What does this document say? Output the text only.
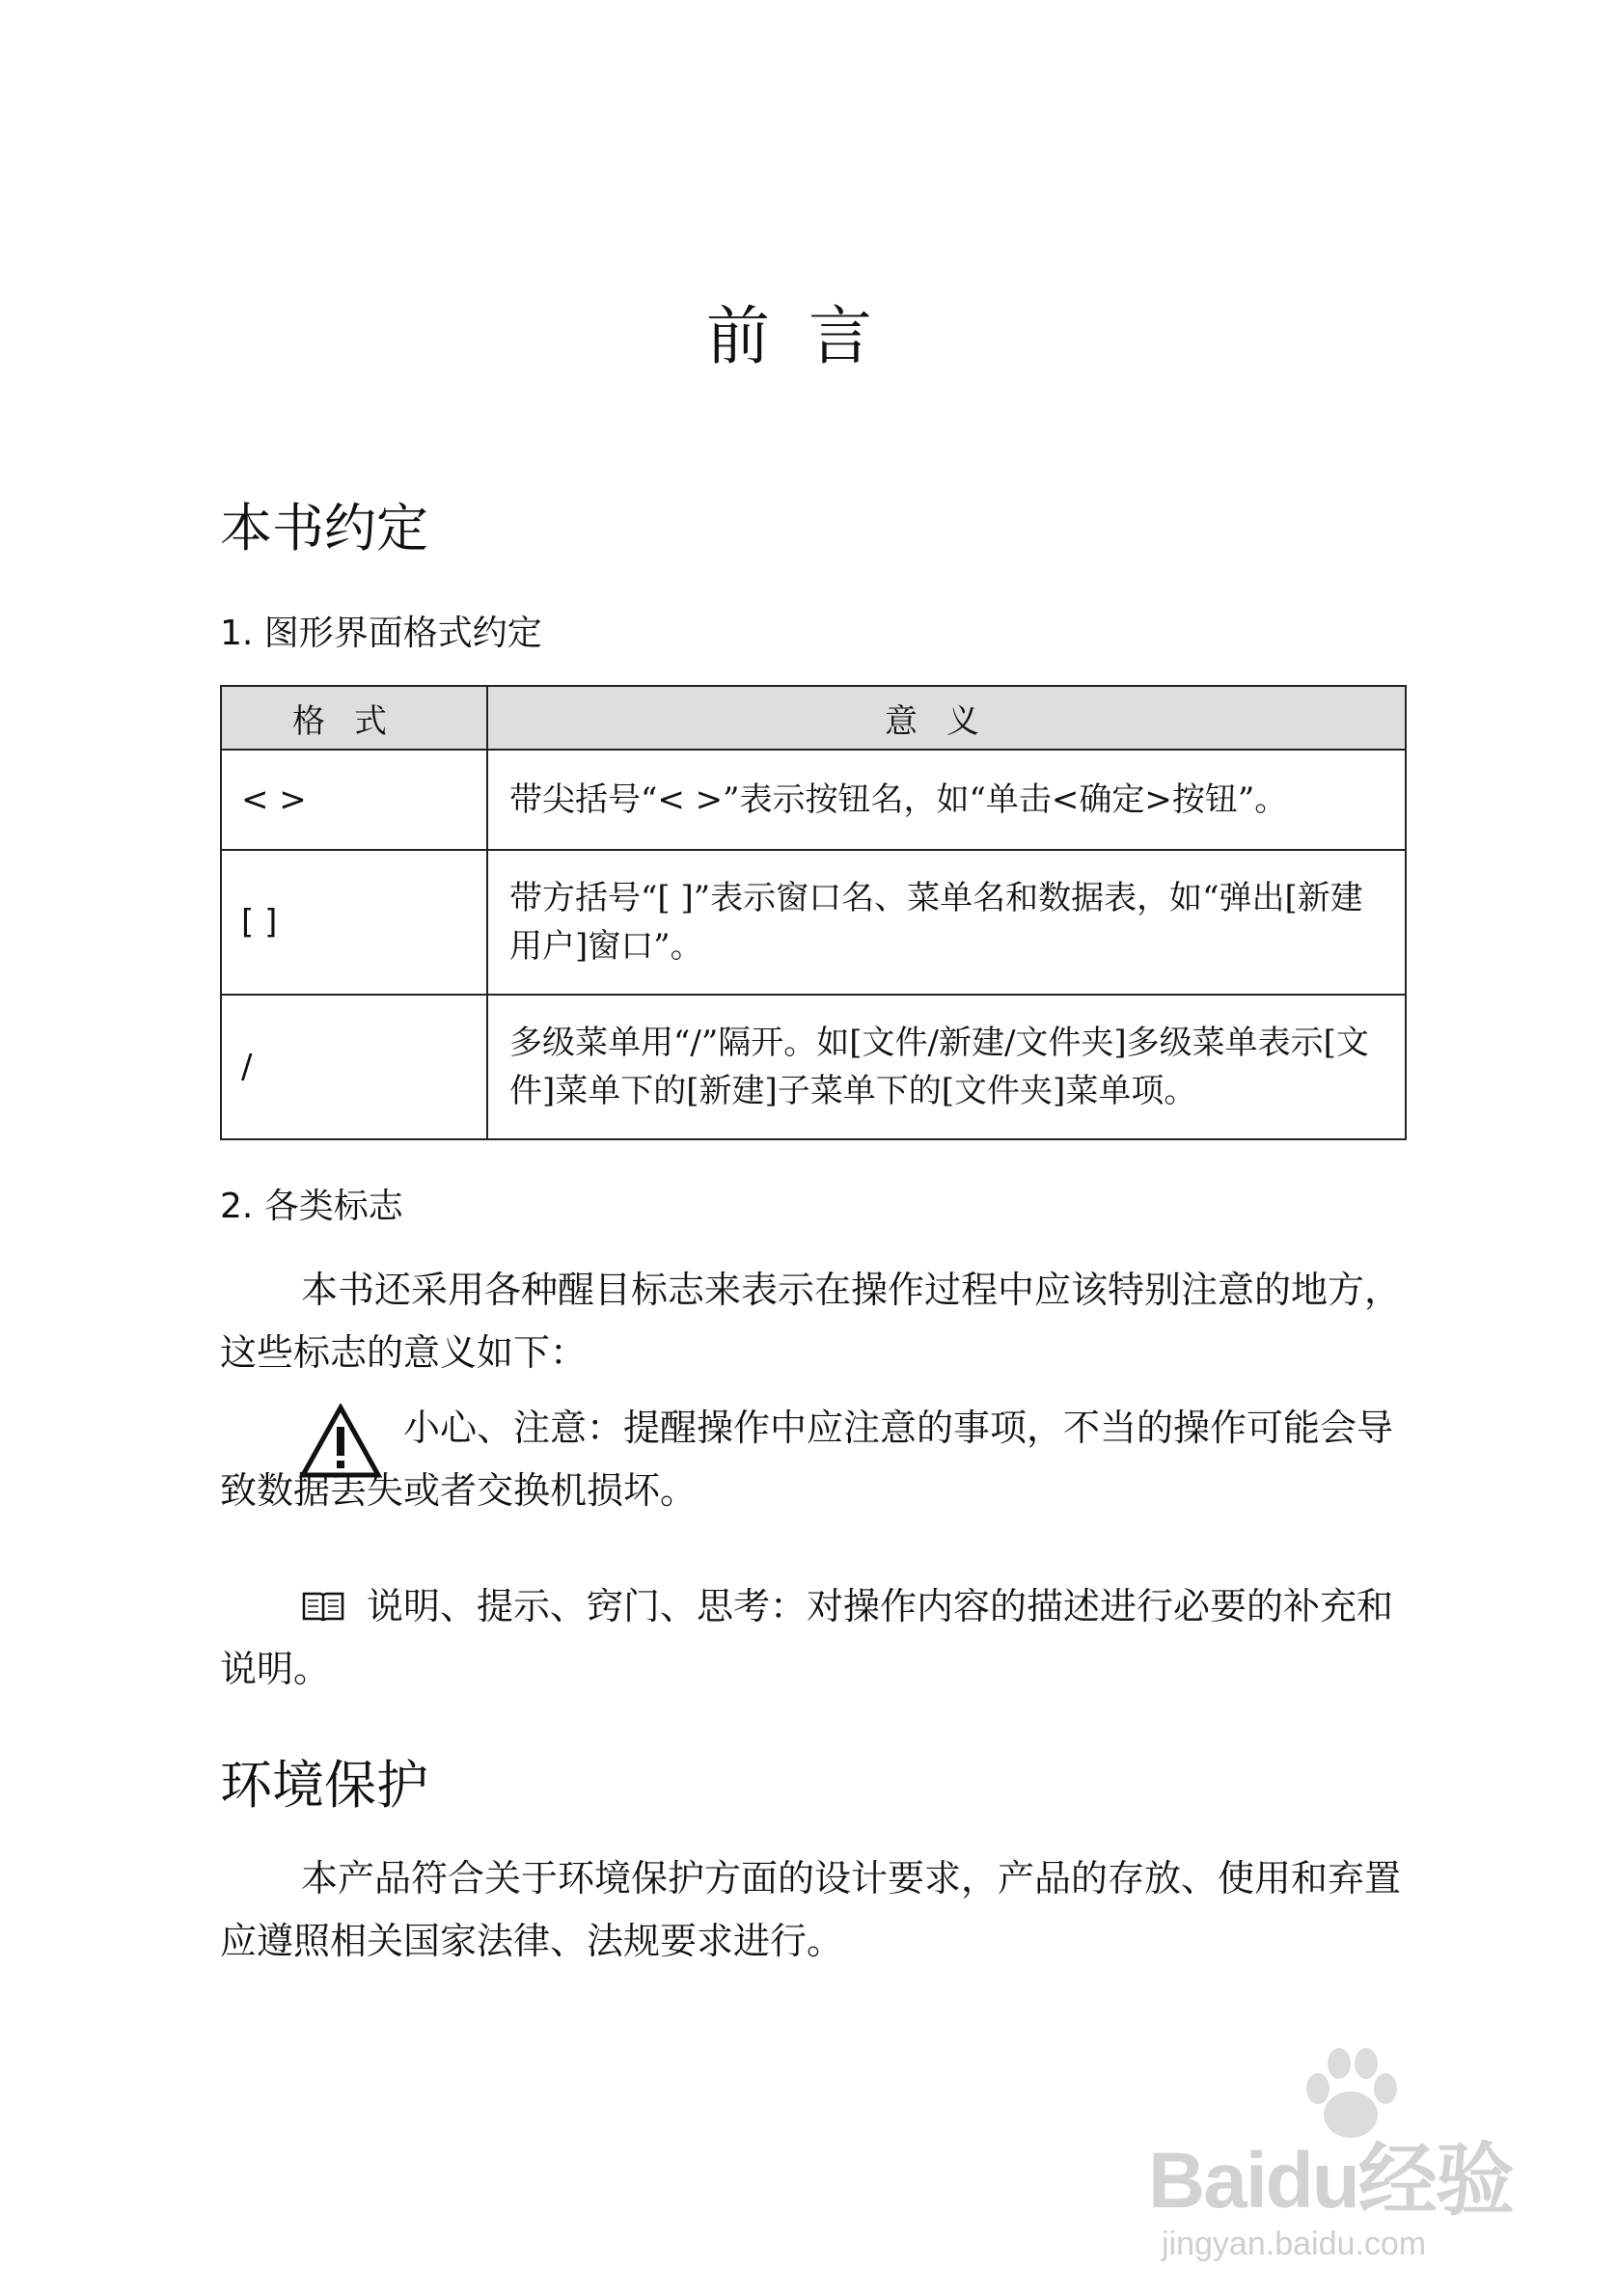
前言
本书约定
1. 图形界面格式约定
格式	意义
< >	带尖括号“< >”表示按钮名，如“单击<确定>按钮”。
[ ]	带方括号“[ ]”表示窗口名、菜单名和数据表，如“弹出[新建用户]窗口”。
/	多级菜单用“/”隔开。如[文件/新建/文件夹]多级菜单表示[文件]菜单下的[新建]子菜单下的[文件夹]菜单项。
2. 各类标志
本书还采用各种醒目标志来表示在操作过程中应该特别注意的地方，这些标志的意义如下：
小心、注意：提醒操作中应注意的事项，不当的操作可能会导致数据丢失或者交换机损坏。
说明、提示、窍门、思考：对操作内容的描述进行必要的补充和说明。
环境保护
本产品符合关于环境保护方面的设计要求，产品的存放、使用和弃置应遵照相关国家法律、法规要求进行。
Baidu经验
jingyan.baidu.com
